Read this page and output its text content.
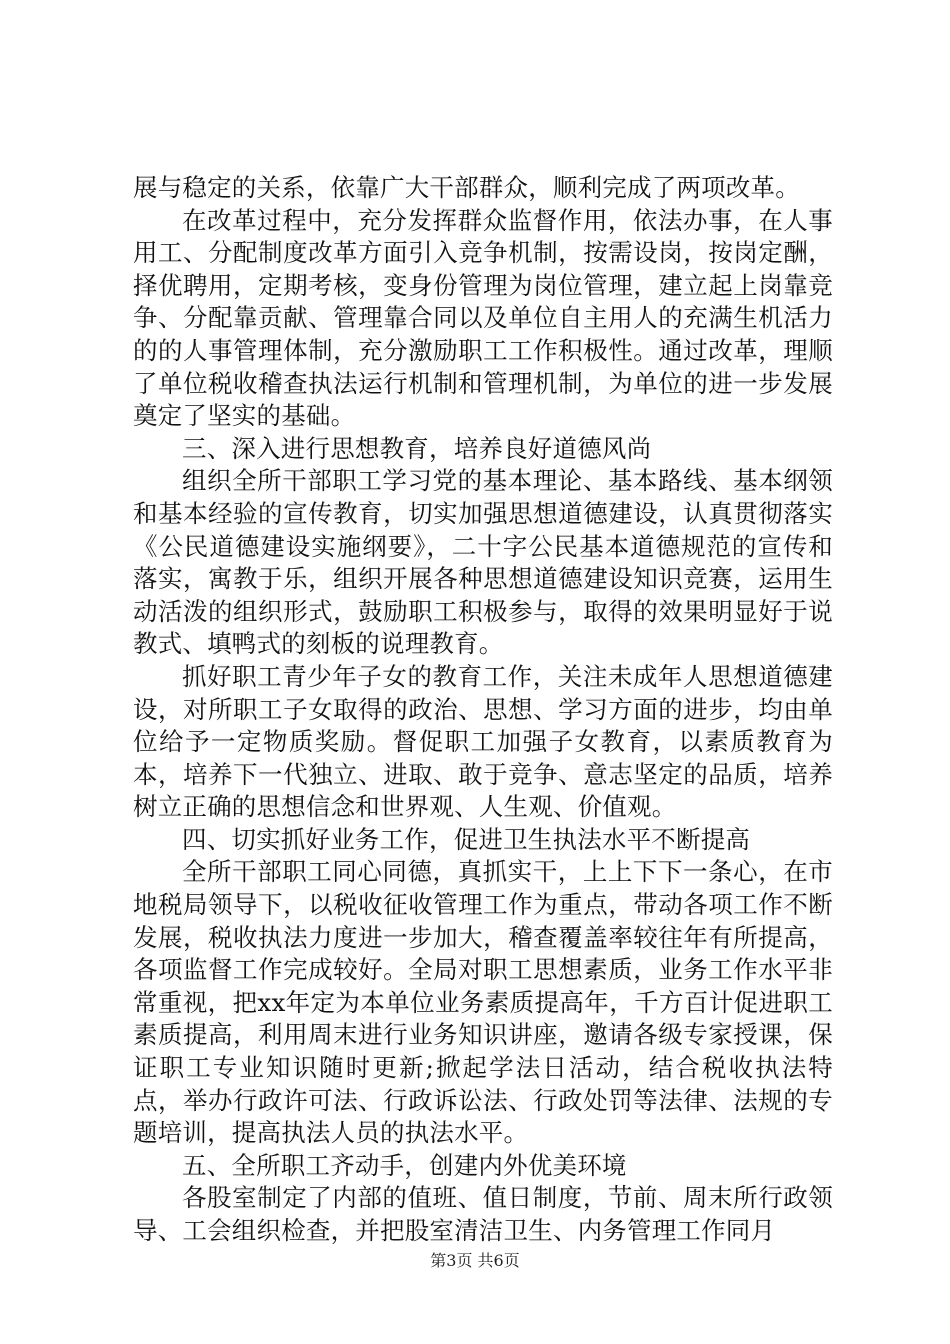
展与稳定的关系，依靠广大干部群众，顺利完成了两项改革。

在改革过程中，充分发挥群众监督作用，依法办事，在人事用工、分配制度改革方面引入竞争机制，按需设岗，按岗定酬，择优聘用，定期考核，变身份管理为岗位管理，建立起上岗靠竞争、分配靠贡献、管理靠合同以及单位自主用人的充满生机活力的的人事管理体制，充分激励职工工作积极性。通过改革，理顺了单位税收稽查执法运行机制和管理机制，为单位的进一步发展奠定了坚实的基础。

三、深入进行思想教育，培养良好道德风尚

组织全所干部职工学习党的基本理论、基本路线、基本纲领和基本经验的宣传教育，切实加强思想道德建设，认真贯彻落实《公民道德建设实施纲要》，二十字公民基本道德规范的宣传和落实，寓教于乐，组织开展各种思想道德建设知识竞赛，运用生动活泼的组织形式，鼓励职工积极参与，取得的效果明显好于说教式、填鸭式的刻板的说理教育。

抓好职工青少年子女的教育工作，关注未成年人思想道德建设，对所职工子女取得的政治、思想、学习方面的进步，均由单位给予一定物质奖励。督促职工加强子女教育，以素质教育为本，培养下一代独立、进取、敢于竞争、意志坚定的品质，培养树立正确的思想信念和世界观、人生观、价值观。

四、切实抓好业务工作，促进卫生执法水平不断提高

全所干部职工同心同德，真抓实干，上上下下一条心，在市地税局领导下，以税收征收管理工作为重点，带动各项工作不断发展，税收执法力度进一步加大，稽查覆盖率较往年有所提高，各项监督工作完成较好。全局对职工思想素质，业务工作水平非常重视，把xx年定为本单位业务素质提高年，千方百计促进职工素质提高，利用周末进行业务知识讲座，邀请各级专家授课，保证职工专业知识随时更新;掀起学法日活动，结合税收执法特点，举办行政许可法、行政诉讼法、行政处罚等法律、法规的专题培训，提高执法人员的执法水平。

五、全所职工齐动手，创建内外优美环境

各股室制定了内部的值班、值日制度，节前、周末所行政领导、工会组织检查，并把股室清洁卫生、内务管理工作同月

第3页 共6页
